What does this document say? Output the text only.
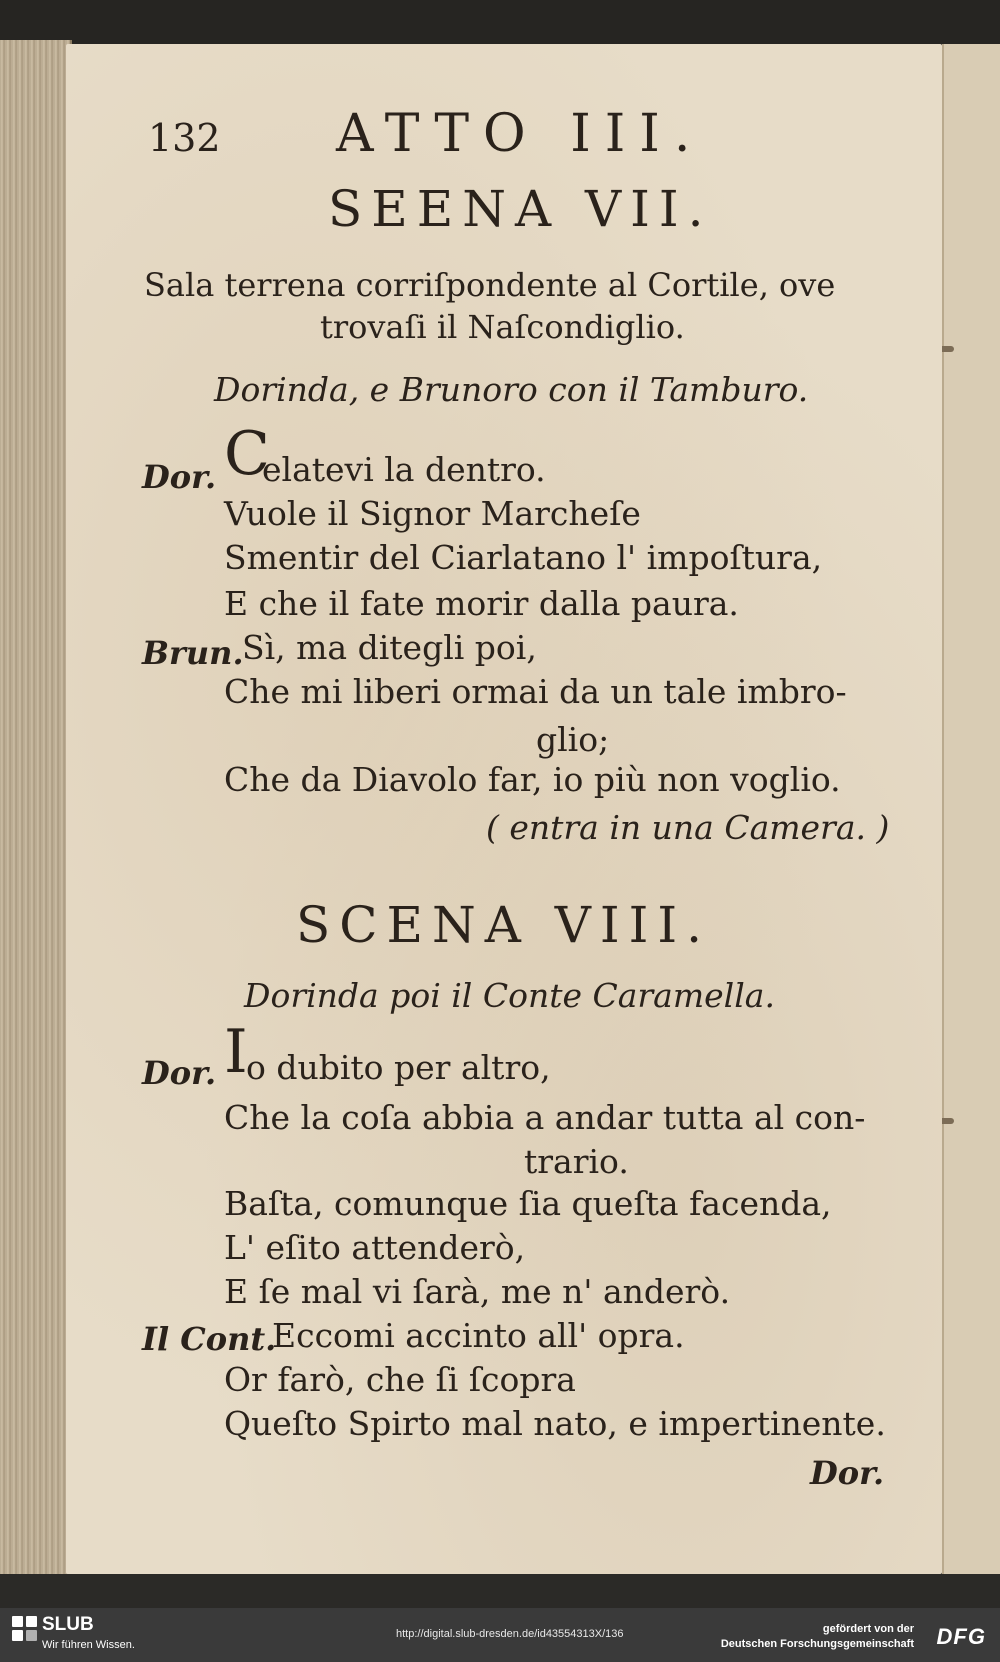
132 ATTO III.
SEENA VII.
Sala terrena corriſpondente al Cortile, ove
trovaſi il Naſcondiglio.
Dorinda, e Brunoro con il Tamburo.
Dor. C
elatevi la dentro.
Vuole il Signor Marcheſe
Smentir del Ciarlatano l' impoſtura,
E che il fate morir dalla paura.
Brun.
Sì, ma ditegli poi,
Che mi liberi ormai da un tale imbro-
glio;
Che da Diavolo far, io più non voglio.
( entra in una Camera. )
SCENA VIII.
Dorinda poi il Conte Caramella.
Dor. I
o dubito per altro,
Che la coſa abbia a andar tutta al con-
trario.
Baſta, comunque ſia queſta facenda,
L' eſito attenderò,
E ſe mal vi ſarà, me n' anderò.
Il Cont.
Eccomi accinto all' opra.
Or farò, che ſi ſcopra
Queſto Spirto mal nato, e impertinente.
Dor.
SLUB
Wir führen Wissen.
http://digital.slub-dresden.de/id43554313X/136	gefördert von der
Deutschen Forschungsgemeinschaft DFG
